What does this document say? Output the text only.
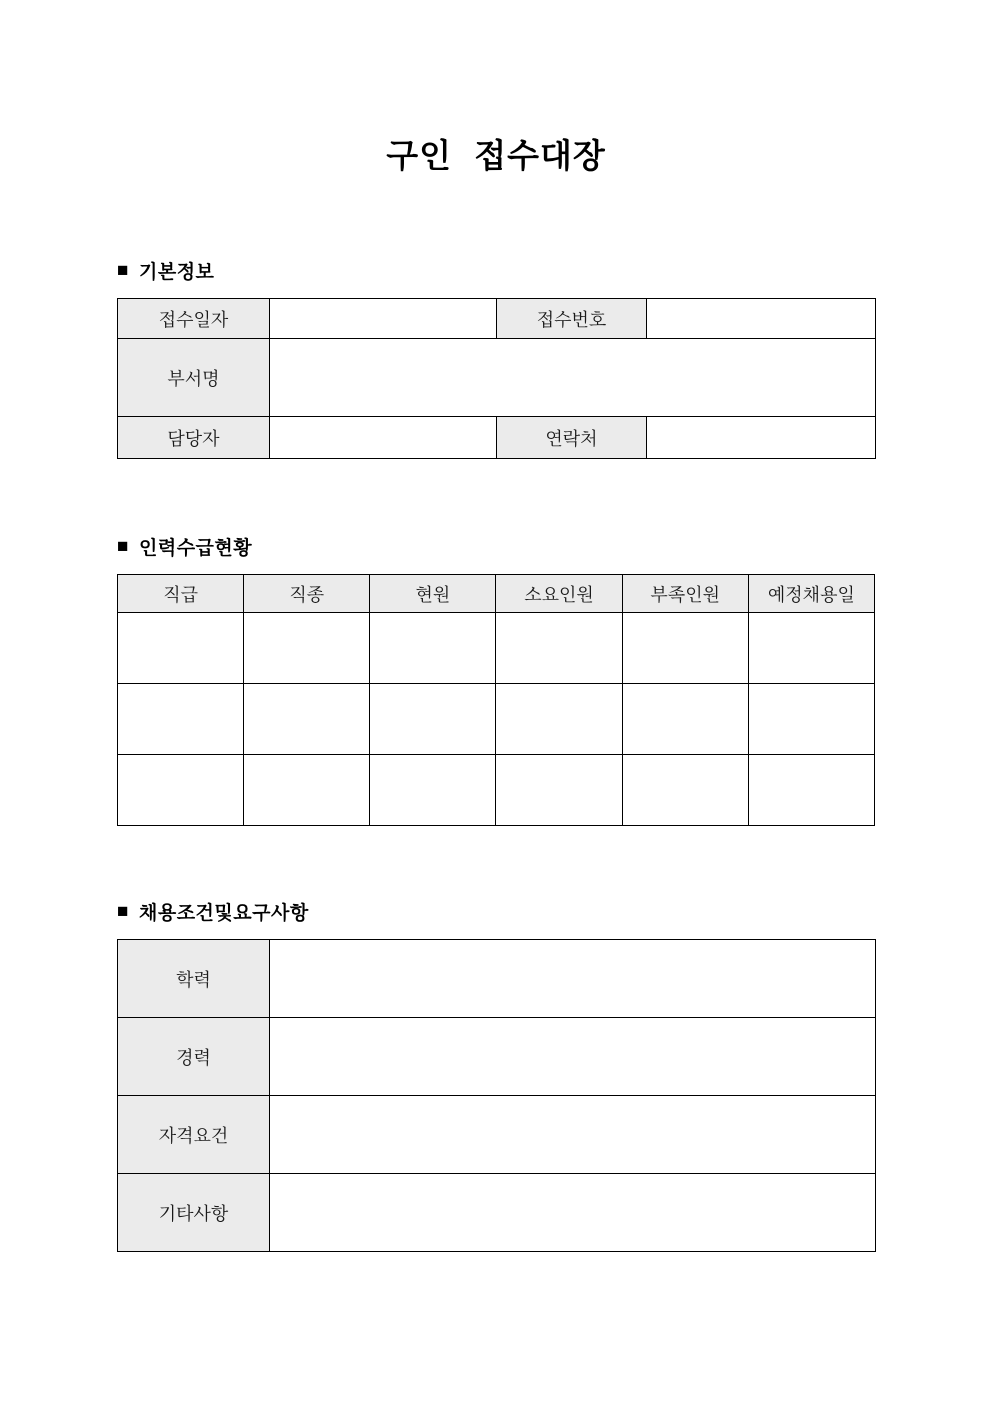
구인 접수대장
■ 기본정보
접수일자		접수번호	
부서명			
담당자		연락처	
■ 인력수급현황
직급	직종	현원	소요인원	부족인원	예정채용일

■ 채용조건및요구사항
학력	
경력	
자격요건	
기타사항	
